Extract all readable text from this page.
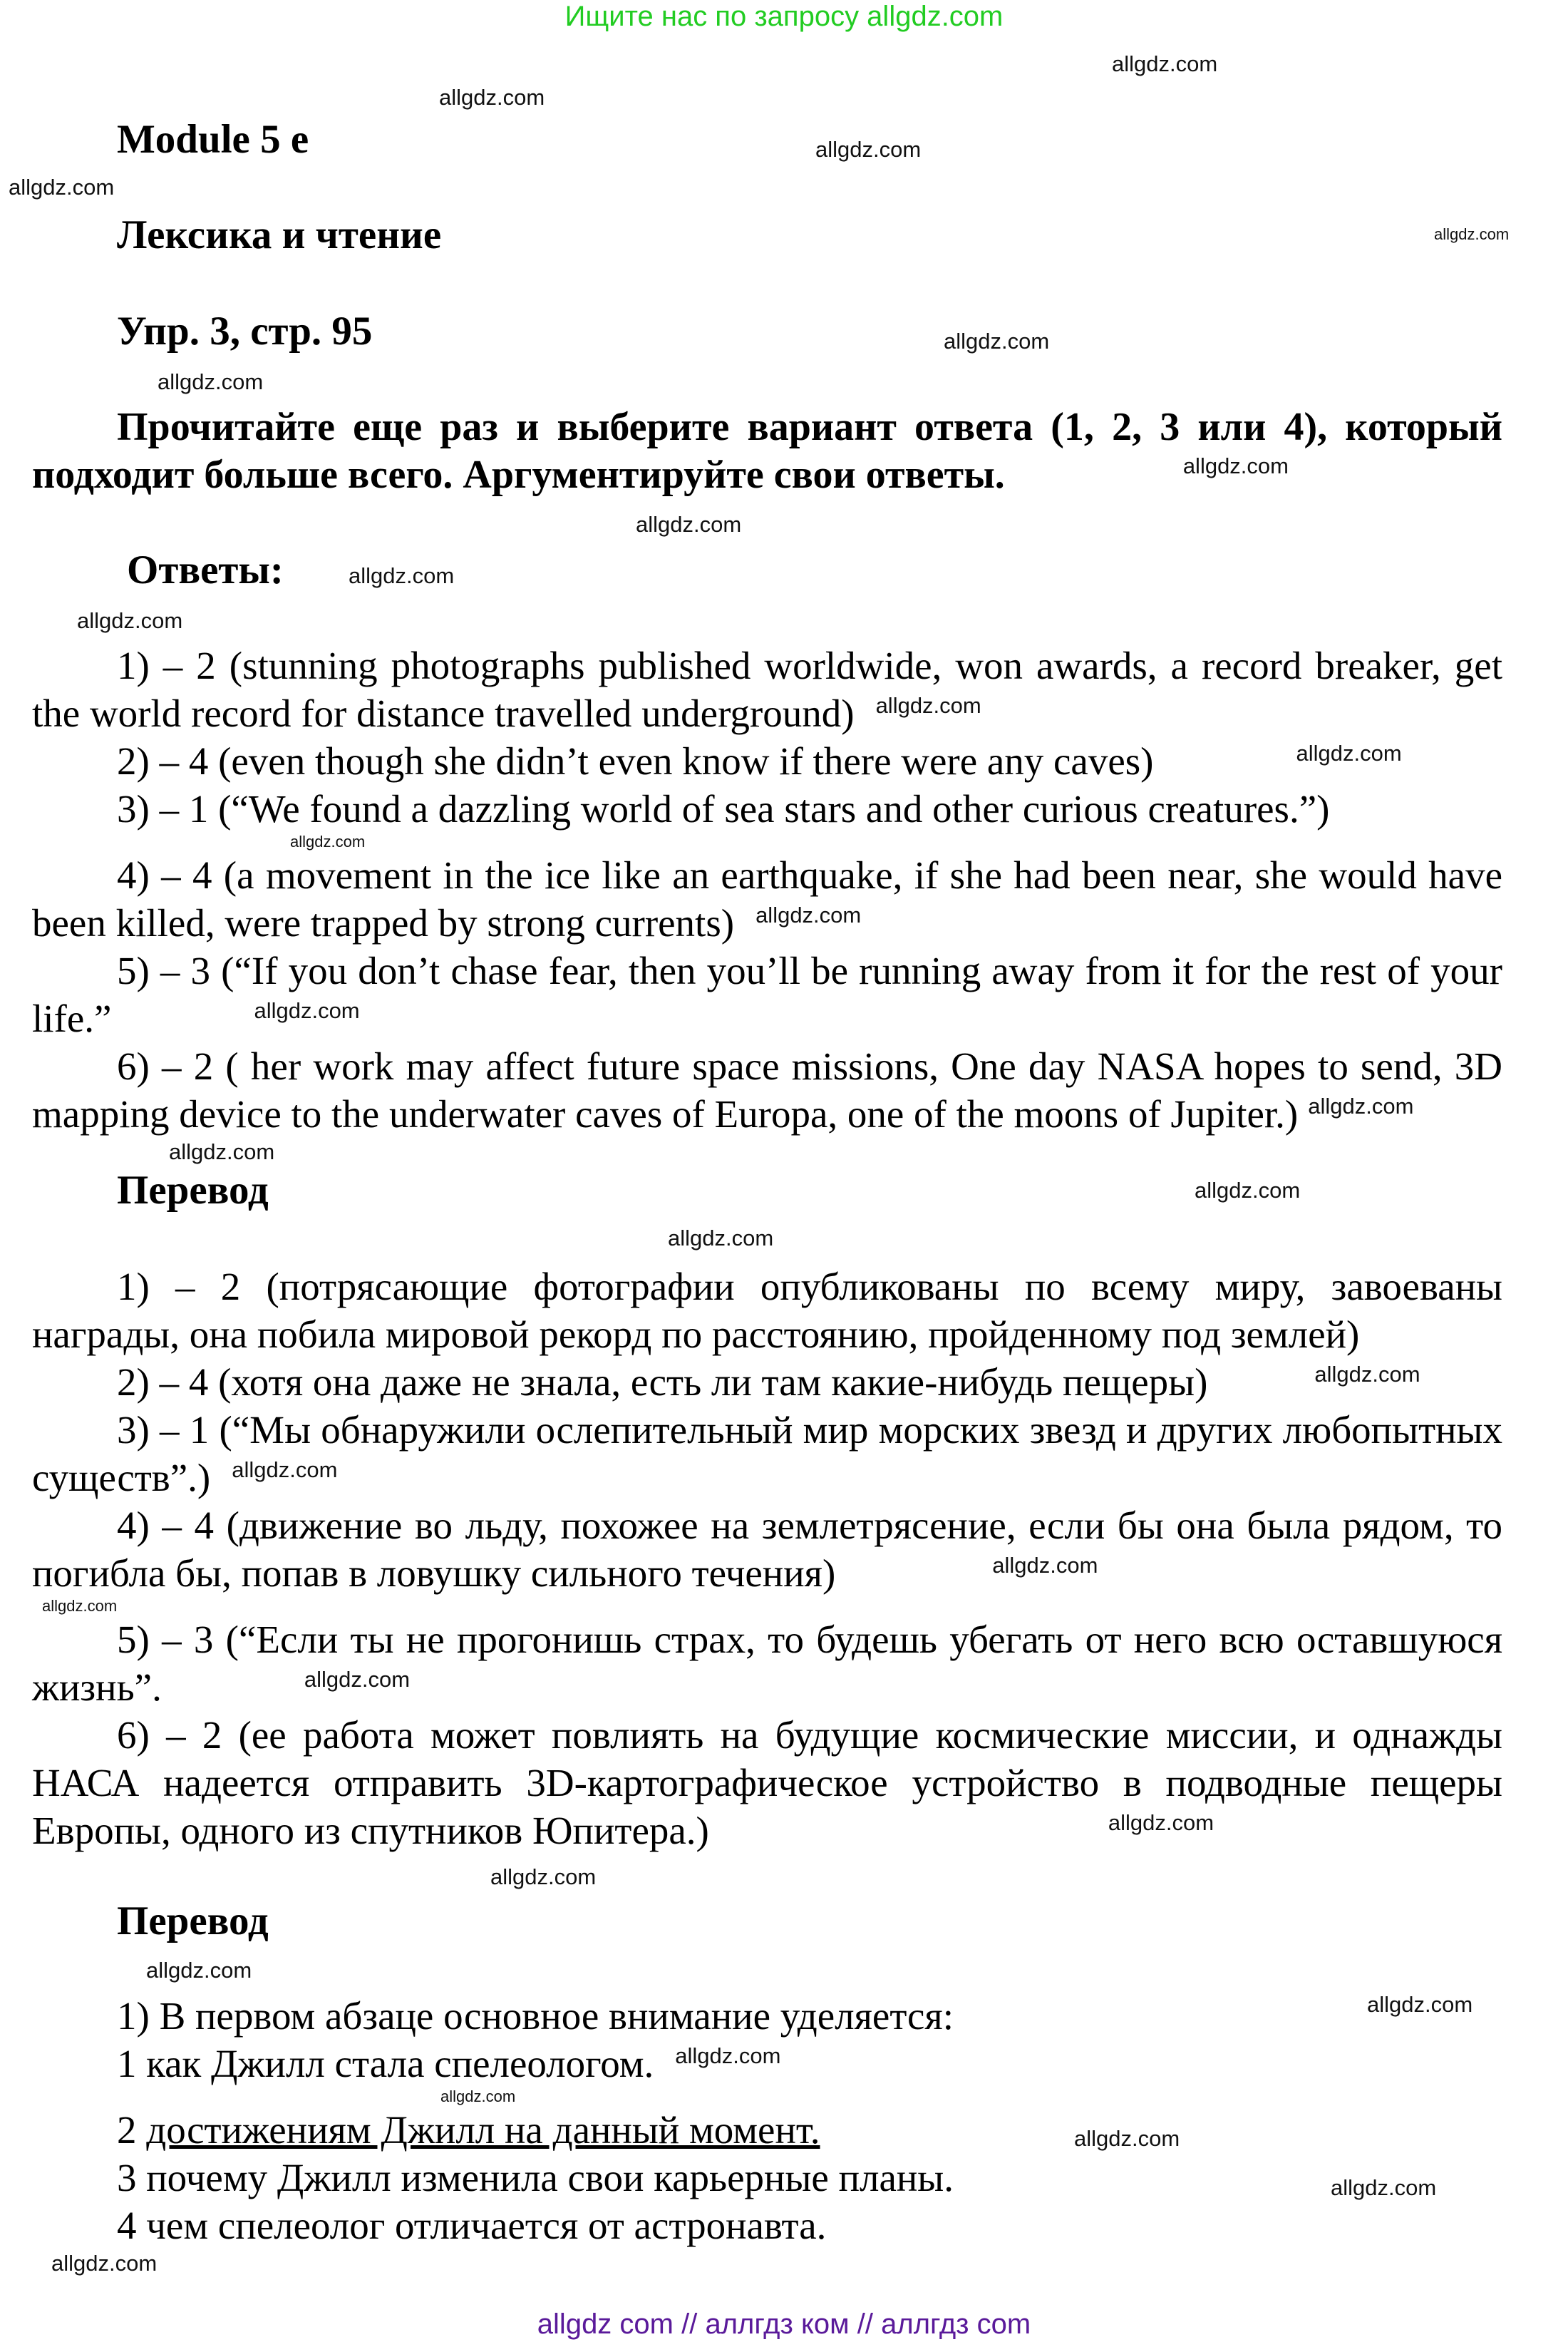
Ищите нас по запросу allgdz.com
allgdz.com
allgdz.com
Module 5 e	allgdz.com
allgdz.com
Лексика и чтение	allgdz.com
Упр. 3, стр. 95	allgdz.com
allgdz.com
Прочитайте еще раз и выберите вариант ответа (1, 2, 3 или 4), который подходит больше всего. Аргументируйте свои ответы.	$^{allgdz.com}$
allgdz.com
Ответы:	allgdz.com
allgdz.com
1) – 2 (stunning photographs published worldwide, won awards, a record breaker, get the world record for distance travelled underground) $^{allgdz.com}$
2) – 4 (even though she didn’t even know if there were any caves)	$^{allgdz.com}$
3) – 1 (“We found a dazzling world of sea stars and other curious creatures.”)
allgdz.com
4) – 4 (a movement in the ice like an earthquake, if she had been near, she would have been killed, were trapped by strong currents) $^{allgdz.com}$
5) – 3 (“If you don’t chase fear, then you’ll be running away from it for the rest of your life.”	$^{allgdz.com}$
6) – 2 ( her work may affect future space missions, One day NASA hopes to send, 3D mapping device to the underwater caves of Europa, one of the moons of Jupiter.) $^{allgdz.com}$
allgdz.com
Перевод	allgdz.com
allgdz.com
1) – 2 (потрясающие фотографии опубликованы по всему миру, завоеваны награды, она побила мировой рекорд по расстоянию, пройденному под землей)
2) – 4 (хотя она даже не знала, есть ли там какие-нибудь пещеры)	$^{allgdz.com}$
3) – 1 (“Мы обнаружили ослепительный мир морских звезд и других любопытных существ”.) $^{allgdz.com}$
4) – 4 (движение во льду, похожее на землетрясение, если бы она была рядом, то погибла бы, попав в ловушку сильного течения)	$^{allgdz.com}$
allgdz.com
5) – 3 (“Если ты не прогонишь страх, то будешь убегать от него всю оставшуюся жизнь”.	$^{allgdz.com}$
6) – 2 (ее работа может повлиять на будущие космические миссии, и однажды НАСА надеется отправить 3D-картографическое устройство в подводные пещеры Европы, одного из спутников Юпитера.)	$^{allgdz.com}$
allgdz.com
Перевод
allgdz.com
1) В первом абзаце основное внимание уделяется:	allgdz.com
1 как Джилл стала спелеологом. $^{allgdz.com}$
allgdz.com
2 достижениям Джилл на данный момент.	allgdz.com
3 почему Джилл изменила свои карьерные планы.	allgdz.com
4 чем спелеолог отличается от астронавта.
allgdz.com
allgdz com // аллгдз ком // аллгдз com
